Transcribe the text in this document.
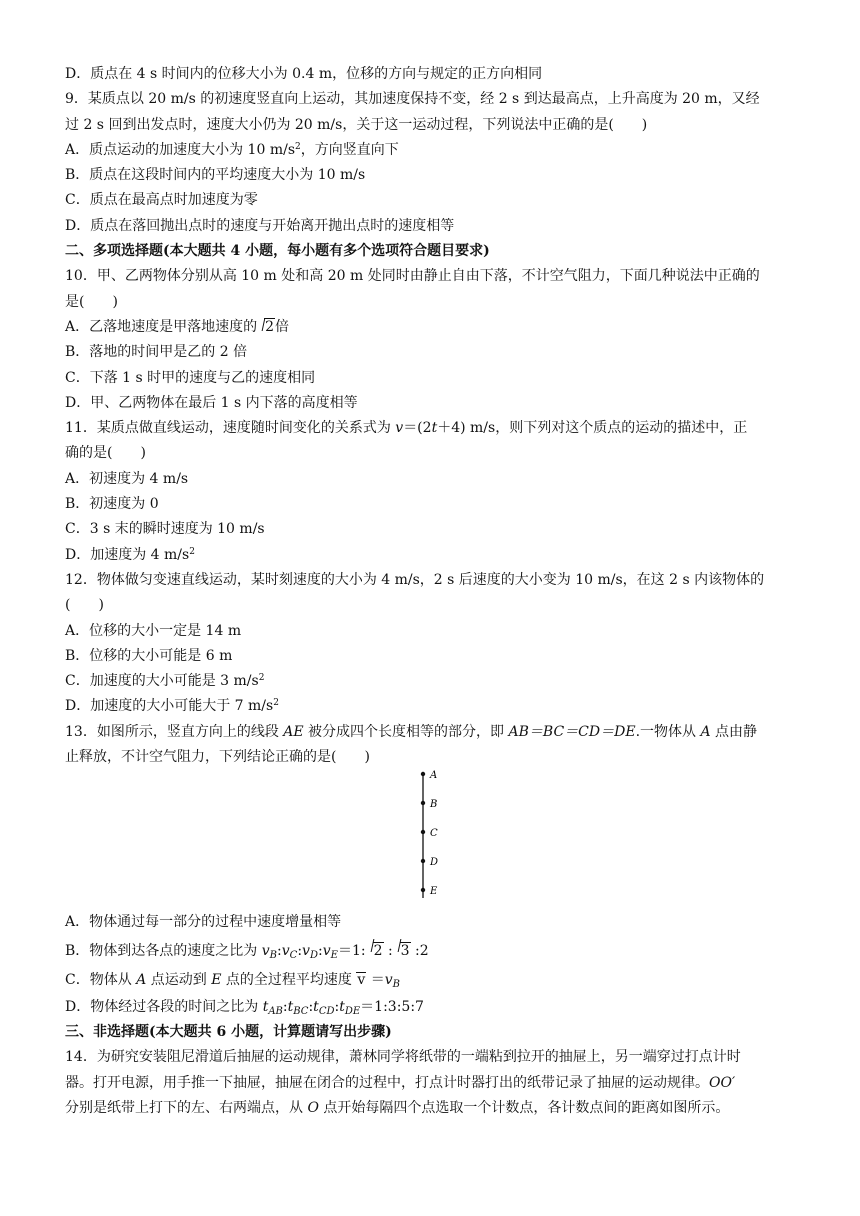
D．质点在 4 s 时间内的位移大小为 0.4 m，位移的方向与规定的正方向相同
9．某质点以 20 m/s 的初速度竖直向上运动，其加速度保持不变，经 2 s 到达最高点，上升高度为 20 m，又经
过 2 s 回到出发点时，速度大小仍为 20 m/s，关于这一运动过程，下列说法中正确的是(　　)
A．质点运动的加速度大小为 10 $m/s^2$，方向竖直向下
B．质点在这段时间内的平均速度大小为 10 m/s
C．质点在最高点时加速度为零
D．质点在落回抛出点时的速度与开始离开抛出点时的速度相等
二、多项选择题(本大题共 4 小题，每小题有多个选项符合题目要求)
10．甲、乙两物体分别从高 10 m 处和高 20 m 处同时由静止自由下落，不计空气阻力，下面几种说法中正确的
是(　　)
A．乙落地速度是甲落地速度的 2倍
B．落地的时间甲是乙的 2 倍
C．下落 1 s 时甲的速度与乙的速度相同
D．甲、乙两物体在最后 1 s 内下落的高度相等
11．某质点做直线运动，速度随时间变化的关系式为 v＝(2t＋4) m/s，则下列对这个质点的运动的描述中，正
确的是(　　)
A．初速度为 4 m/s
B．初速度为 0
C．3 s 末的瞬时速度为 10 m/s
D．加速度为 4 $m/s^2$
12．物体做匀变速直线运动，某时刻速度的大小为 4 m/s，2 s 后速度的大小变为 10 m/s，在这 2 s 内该物体的
(　　)
A．位移的大小一定是 14 m
B．位移的大小可能是 6 m
C．加速度的大小可能是 3 $m/s^2$
D．加速度的大小可能大于 7 $m/s^2$
13．如图所示，竖直方向上的线段 AE 被分成四个长度相等的部分，即 AB＝BC＝CD＝DE.一物体从 A 点由静
止释放，不计空气阻力，下列结论正确的是(　　)
A
B
C
D
E
A．物体通过每一部分的过程中速度增量相等
B．物体到达各点的速度之比为 $v_B:v_C:v_D:v_E=1$: 2 : 3 :2
C．物体从 A 点运动到 E 点的全过程平均速度 $v =v_B$
D．物体经过各段的时间之比为 $t_{AB}:t_{BC}:t_{CD}:t_{DE}=1:3:5:7$
三、非选择题(本大题共 6 小题，计算题请写出步骤)
14．为研究安装阻尼滑道后抽屉的运动规律，萧林同学将纸带的一端粘到拉开的抽屉上，另一端穿过打点计时
器。打开电源，用手推一下抽屉，抽屉在闭合的过程中，打点计时器打出的纸带记录了抽屉的运动规律。OO′
分别是纸带上打下的左、右两端点，从 O 点开始每隔四个点选取一个计数点，各计数点间的距离如图所示。
